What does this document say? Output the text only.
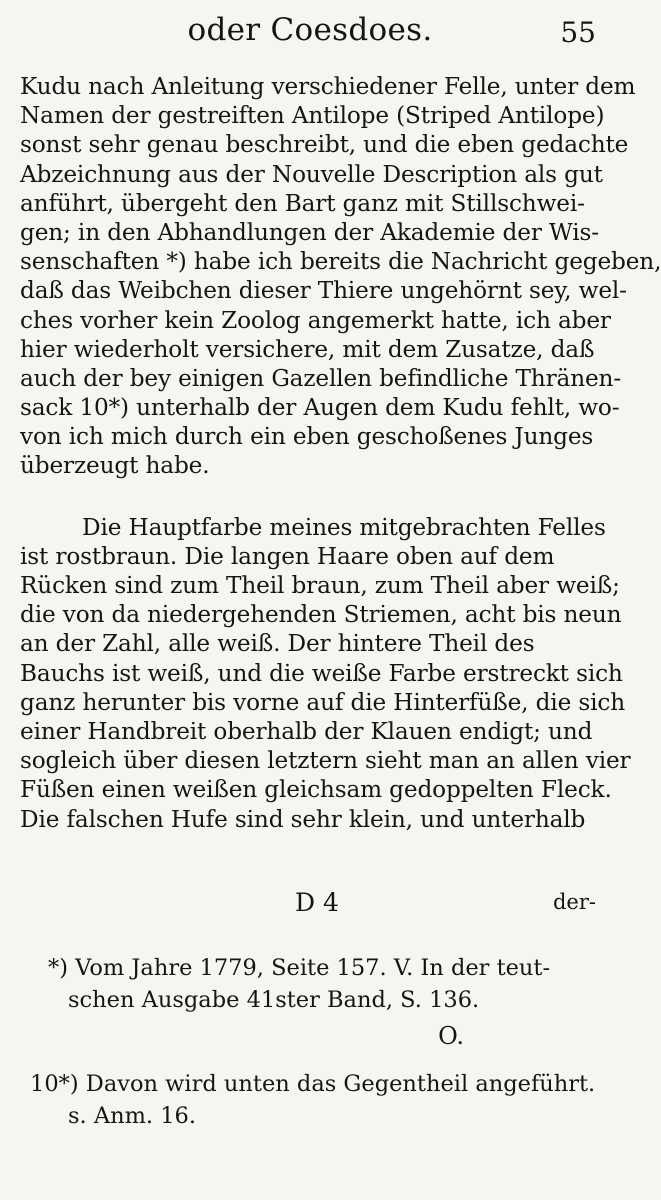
oder Coesdoes.	55
Kudu nach Anleitung verschiedener Felle, unter dem
Namen der gestreiften Antilope (Striped Antilope)
sonst sehr genau beschreibt, und die eben gedachte
Abzeichnung aus der Nouvelle Description als gut
anführt, übergeht den Bart ganz mit Stillschwei-
gen; in den Abhandlungen der Akademie der Wis-
senschaften *) habe ich bereits die Nachricht gegeben,
daß das Weibchen dieser Thiere ungehörnt sey, wel-
ches vorher kein Zoolog angemerkt hatte, ich aber
hier wiederholt versichere, mit dem Zusatze, daß
auch der bey einigen Gazellen befindliche Thränen-
sack 10*) unterhalb der Augen dem Kudu fehlt, wo-
von ich mich durch ein eben geschoßenes Junges
überzeugt habe.
Die Hauptfarbe meines mitgebrachten Felles
ist rostbraun. Die langen Haare oben auf dem
Rücken sind zum Theil braun, zum Theil aber weiß;
die von da niedergehenden Striemen, acht bis neun
an der Zahl, alle weiß. Der hintere Theil des
Bauchs ist weiß, und die weiße Farbe erstreckt sich
ganz herunter bis vorne auf die Hinterfüße, die sich
einer Handbreit oberhalb der Klauen endigt; und
sogleich über diesen letztern sieht man an allen vier
Füßen einen weißen gleichsam gedoppelten Fleck.
Die falschen Hufe sind sehr klein, und unterhalb
D 4	der-
*) Vom Jahre 1779, Seite 157. V. In der teut-
schen Ausgabe 41ster Band, S. 136.
O.
10*) Davon wird unten das Gegentheil angeführt.
s. Anm. 16.
